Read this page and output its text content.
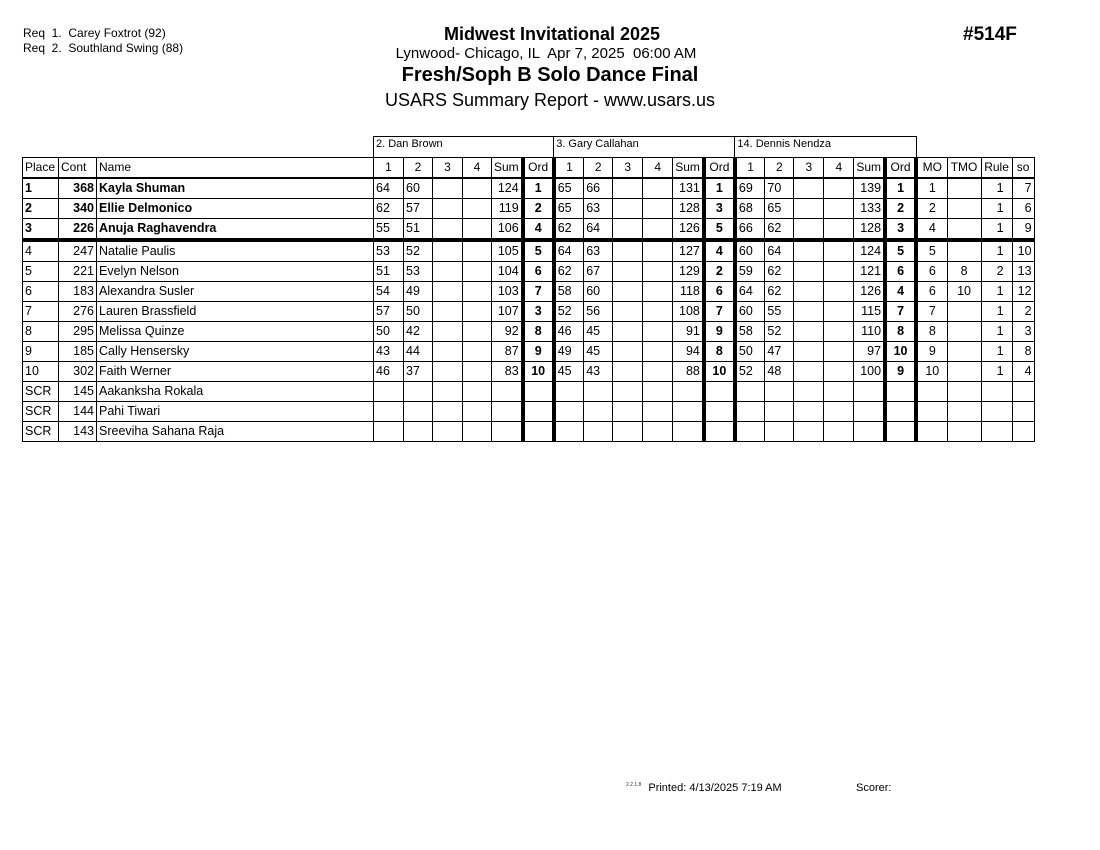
Req  1.  Carey Foxtrot (92)
Req  2.  Southland Swing (88)
Midwest Invitational 2025
Lynwood- Chicago, IL  Apr 7, 2025  06:00 AM
Fresh/Soph B Solo Dance Final
USARS Summary Report - www.usars.us
#514F
			2. Dan Brown						3. Gary Callahan						14. Dennis Nendza									
Place	Cont	Name	1	2	3	4	Sum	Ord	1	2	3	4	Sum	Ord	1	2	3	4	Sum	Ord	MO	TMO	Rule	so
1	368	Kayla Shuman	64	60			124	1	65	66			131	1	69	70			139	1	1		1	7
2	340	Ellie Delmonico	62	57			119	2	65	63			128	3	68	65			133	2	2		1	6
3	226	Anuja Raghavendra	55	51			106	4	62	64			126	5	66	62			128	3	4		1	9
4	247	Natalie Paulis	53	52			105	5	64	63			127	4	60	64			124	5	5		1	10
5	221	Evelyn Nelson	51	53			104	6	62	67			129	2	59	62			121	6	6	8	2	13
6	183	Alexandra Susler	54	49			103	7	58	60			118	6	64	62			126	4	6	10	1	12
7	276	Lauren Brassfield	57	50			107	3	52	56			108	7	60	55			115	7	7		1	2
8	295	Melissa Quinze	50	42			92	8	46	45			91	9	58	52			110	8	8		1	3
9	185	Cally Hensersky	43	44			87	9	49	45			94	8	50	47			97	10	9		1	8
10	302	Faith Werner	46	37			83	10	45	43			88	10	52	48			100	9	10		1	4
SCR	145	Aakanksha Rokala																						
SCR	144	Pahi Tiwari																						
SCR	143	Sreeviha Sahana Raja																						
$^{2.2.1.8}$ Printed: 4/13/2025 7:19 AM	Scorer:
